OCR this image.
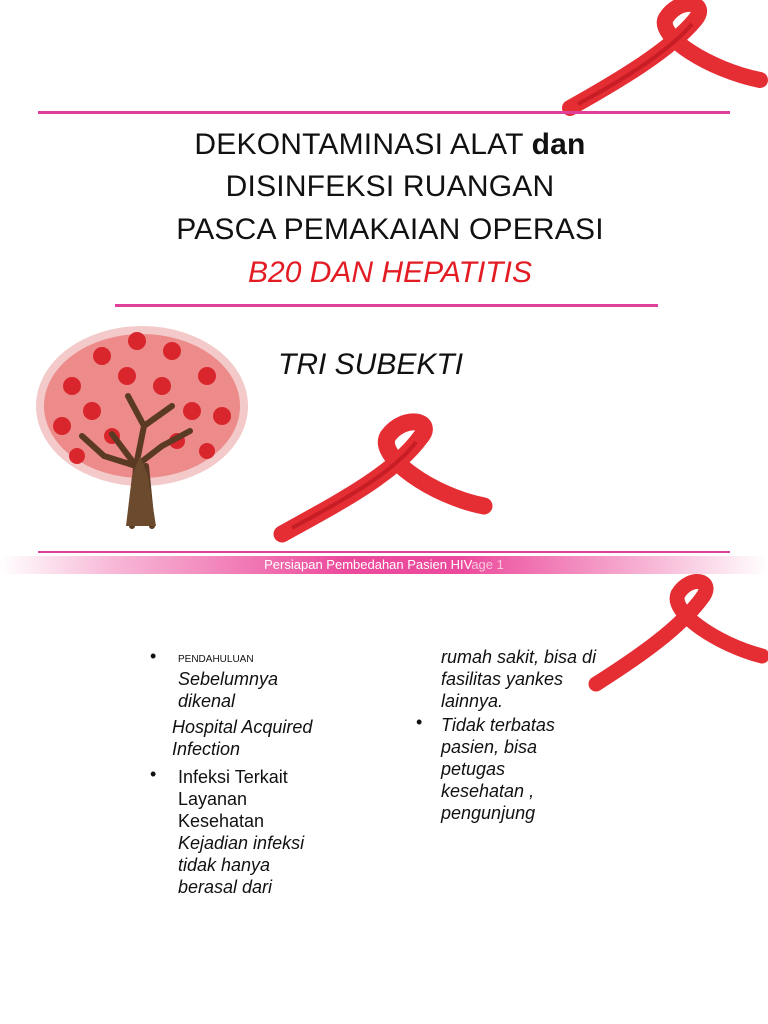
DEKONTAMINASI ALAT dan
DISINFEKSI RUANGAN
PASCA PEMAKAIAN OPERASI
B20 DAN HEPATITIS
TRI SUBEKTI
Persiapan Pembedahan Pasien HIVage 1
• PENDAHULUAN
Sebelumnya
dikenal
Hospital Acquired
Infection
• Infeksi Terkait
Layanan
Kesehatan
Kejadian infeksi
tidak hanya
berasal dari
rumah sakit, bisa di
fasilitas yankes
lainnya.
• Tidak terbatas
pasien, bisa
petugas
kesehatan ,
pengunjung
